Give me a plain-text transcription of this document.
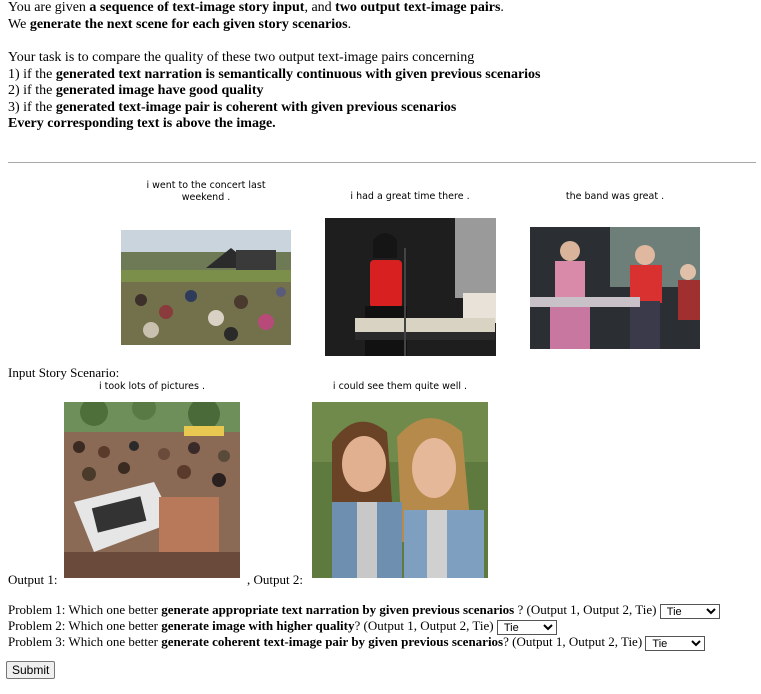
You are given a sequence of text-image story input, and two output text-image pairs.

We generate the next scene for each given story scenarios.

Your task is to compare the quality of these two output text-image pairs concerning

1) if the generated text narration is semantically continuous with given previous scenarios

2) if the generated image have good quality

3) if the generated text-image pair is coherent with given previous scenarios

Every corresponding text is above the image.

i went to the concert last weekend .	i had a great time there .	the band was great .
Input Story Scenario:
i took lots of pictures .	i could see them quite well .
Output 1:	, Output 2:
Problem 1: Which one better generate appropriate text narration by given previous scenarios ? (Output 1, Output 2, Tie)
Tie
Problem 2: Which one better generate image with higher quality? (Output 1, Output 2, Tie)
Tie
Problem 3: Which one better generate coherent text-image pair by given previous scenarios? (Output 1, Output 2, Tie)
Tie
Submit
